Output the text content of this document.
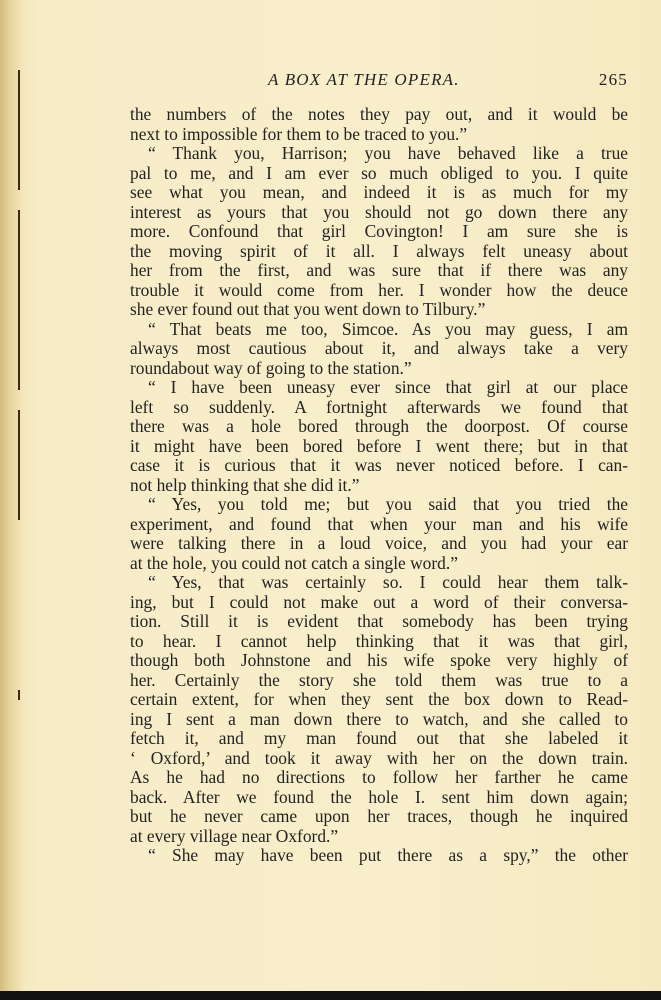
A BOX AT THE OPERA.	265
the numbers of the notes they pay out, and it would be
next to impossible for them to be traced to you.”
“ Thank you, Harrison; you have behaved like a true
pal to me, and I am ever so much obliged to you. I quite
see what you mean, and indeed it is as much for my
interest as yours that you should not go down there any
more. Confound that girl Covington! I am sure she is
the moving spirit of it all. I always felt uneasy about
her from the first, and was sure that if there was any
trouble it would come from her. I wonder how the deuce
she ever found out that you went down to Tilbury.”
“ That beats me too, Simcoe. As you may guess, I am
always most cautious about it, and always take a very
roundabout way of going to the station.”
“ I have been uneasy ever since that girl at our place
left so suddenly. A fortnight afterwards we found that
there was a hole bored through the doorpost. Of course
it might have been bored before I went there; but in that
case it is curious that it was never noticed before. I can-
not help thinking that she did it.”
“ Yes, you told me; but you said that you tried the
experiment, and found that when your man and his wife
were talking there in a loud voice, and you had your ear
at the hole, you could not catch a single word.”
“ Yes, that was certainly so. I could hear them talk-
ing, but I could not make out a word of their conversa-
tion. Still it is evident that somebody has been trying
to hear. I cannot help thinking that it was that girl,
though both Johnstone and his wife spoke very highly of
her. Certainly the story she told them was true to a
certain extent, for when they sent the box down to Read-
ing I sent a man down there to watch, and she called to
fetch it, and my man found out that she labeled it
‘ Oxford,’ and took it away with her on the down train.
As he had no directions to follow her farther he came
back. After we found the hole I. sent him down again;
but he never came upon her traces, though he inquired
at every village near Oxford.”
“ She may have been put there as a spy,” the other
